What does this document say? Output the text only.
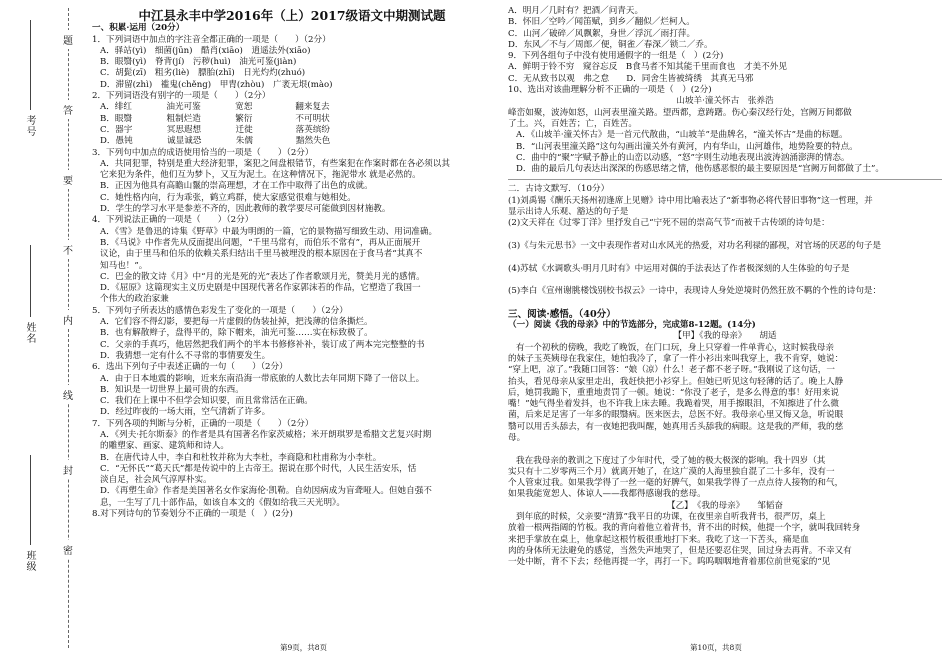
考号
姓名
班级
题
答
要
不
内
线
封
密

中江县永丰中学2016年（上）2017级语文中期测试题

一、积累·运用（20分）

1．下列词语中加点的字注音全都正确的一项是（　　）（2分）

A．驿站(yì)　细菌(jūn)　酷肖(xiāo)　逍遥法外(xiāo)

B．眼翳(yì)　脊背(jí)　污秽(huì)　油光可鉴(jiàn)

C．胡髭(zī)　粗劣(liè)　膘胎(zhī)　日光灼灼(zhuó)

D．滞留(zhì)　褴鬼(chěng)　甲胄(zhòu)　广袤无垠(mào)

2．下列词语没有别字的一项是（　　）（2分）

A．绯红　　　　油光可鉴　　　　宽恕　　　　　翻来复去

B．眼翳　　　　粗制烂造　　　　繁衍　　　　　不可明状

C．器宇　　　　冥思遐想　　　　迁徙　　　　　落英缤纷

D．愚钝　　　　诚显诚恐　　　　朱儒　　　　　黯然失色

3．下列句中加点的成语使用恰当的一项是（　　）（2分）

A．共同犯罪，特别是重大经济犯罪，案犯之间盘根错节，有些案犯在作案时都在各必须以其

它来犯为条件，他们互为梦卜，又互为泥土。在这种情况下，拖泥带水 就是必然的。

B．正因为他具有高瞻山鬣的崇高理想，才在工作中取得了出色的成就。

C．她性格内向，行为乖张，鹤立鸡群，使大家感觉很难与她相处。

D．学生的学习水平是参差不齐的，因此教师的教学要尽可能做到因材施教。

4．下列说法正确的一项是（　　）（2分）

A．《雪》是鲁迅的诗集《野草》中最为明朗的一篇，它的景物描写细致生动、用词准确。

B．《马说》中作者先从反面提出问题，“千里马常有，而伯乐不常有”，再从正面展开

议论，由于里马和伯乐的依赖关系归结出千里马被埋没的根本原因在于食马者“其真不

知马也！”。

C．巴金的散文诗《月》中“月的光是死的光”表达了作者歌颂月光，赞美月光的感情。

D．《屈原》这篇现实主义历史剧是中国现代著名作家郭沫若的作品，它塑造了我国一

个伟大的政治家兼

5．下列句子所表达的感情色彩发生了变化的一项是（　　）（2分）

A．它们容不得幻影，要把每一片虚假的伪装扯掉，把浅薄的信条撕烂。

B．也有解散辫子，盘得平的，除下帽来，油光可鉴……实在标致极了。

C．父亲的手真巧，他居然把我们两个的半本书修修补补，装订成了两本完完整整的书

D．我猜想一定有什么不寻常的事情要发生。

6．选出下列句子中表述正确的一句（　　）（2分）

A．由于日本地震的影响，近来东南沿海一带底旅的人数比去年同期下降了一倍以上。

B．知识是一切世界上最可贵的东西。

C．我们在上课中不但学会知识要，而且常常活在正确。

D．经过昨夜的一场大雨，空气清新了许多。

7．下列各项的判断与分析，正确的一项是（　　）（2分）

A．《列夫·托尔斯泰》的作者是具有国著名作家茨威格；米开朗琪罗是希腊文艺复兴时期

的雕塑家、画家、建筑师和诗人。

B．在唐代诗人中，李白和杜牧并称为大李杜，李商隐和杜甫称为小李杜。

C．“无怀氏”“葛天氏”都是传说中的上古帝王。据说在那个时代，人民生活安乐，恬

淡自足，社会风气淳厚朴实。

D．《再塑生命》作者是美国著名女作家海伦·凯勒。自幼因病成为盲聋哑人。但她自强不

息，一生写了几十部作品，如该自本文的《假如给我三天光明》。

8.对下列诗句的节奏划分不正确的一项是（　）(2分)

第9页，共8页

A．明月／几时有？把酒／问青天。

B．怀旧／空吟／闻笛赋，到乡／翻似／烂柯人。

C．山河／破碎／风飘絮，身世／浮沉／雨打萍。

D．东风／不与／周郎／便，铜雀／春深／锁二／乔。

9．下列各组句子中没有使用通假字的一组是（　）(2分)

A．鲜明于铃不穷　窥谷忘反　B食马者不知其能千里而食也　才美不外见

C．无从致书以观　弗之怠　　D．同舍生皆被绮绣　其真无马邪

10、选出对该曲理解分析不正确的一项是（　）(2分)

山坡羊·潼关怀古　张养浩

峰峦如聚，波涛如怒，山河表里潼关路。望西都，意踌躇。伤心秦汉经行处，宫阙万间都做

了土。兴，百姓苦；亡，百姓苦。

A．《山坡羊·潼关怀古》是一首元代散曲，“山坡羊”是曲牌名，“潼关怀古”是曲的标题。

B．“山河表里潼关路”这句勾画出潼关外有黄河，内有华山，山河雄伟，地势险要的特点。

C．曲中的“聚”字赋予静止的山峦以动感，“怒”字则生动地表现出波涛汹涌澎湃的情态。

D．曲的最后几句表达出深深的伤感思绪之情，他伤感恶恨的最主要原因是“宫阙万间都做了土”。

二．古诗文默写．（10分）

(1)刘禹锡《酬乐天扬州初逢席上见赠》诗中用比喻表达了“新事物必将代替旧事物”这一哲理，并

显示出诗人乐观、豁达的句子是

(2)文天祥在《过零丁洋》里抒发自己“宁死不屈的崇高气节”而被千古传颂的诗句是：

(3)《与朱元思书》一文中表现作者对山水风光的热爱，对功名利禄的鄙视，对官场的厌恶的句子是

(4)苏轼《水调歌头·明月几时有》中运用对偶的手法表达了作者极深刻的人生体验的句子是

(5)李白《宣州谢朓楼饯别校书叔云》一诗中，表现诗人身处逆境时仍然狂放不羁的个性的诗句是：

三、阅读·感悟。（40分）

（一）阅读《我的母亲》中的节选部分，完成第8-12题。(14分)

【甲】《我的母亲》　　胡适

有一个初秋的傍晚，我吃了晚饭，在门口玩，身上只穿着一件单背心，这时候我母亲

的妹子玉英姨母在我家住，她怕我冷了，拿了一件小衫出来叫我穿上，我不肯穿，她说：

“穿上吧，凉了。”我随口回答：“娘（凉）什么！老子都不老子呀。”我刚说了这句话，一

抬头，看见母亲从家里走出，我赶快把小衫穿上。但她已听见这句轻薄的话了。晚上人静

后，她罚我跪下，重重地责罚了一顿。她说：“你没了老子，是多么得意的事！好用来说

嘴！”她气得坐着发抖，也不许我上床去睡。我跪着哭，用手擦眼泪，不知擦进了什么微

菌，后来足足害了一年多的眼翳病。医来医去，总医不好。我母亲心里又悔又急，听说眼

翳可以用舌头舔去，有一夜她把我叫醒，她真用舌头舔我的病眼。这是我的严师，我的慈

母。

我在我母亲的教训之下度过了少年时代，受了她的极大极深的影响。我十四岁（其

实只有十二岁零两三个月）就离开她了，在这广漠的人海里独自混了二十多年，没有一

个人管束过我。如果我学得了一丝一毫的好脾气，如果我学得了一点点待人接物的和气，

如果我能宽恕人、体谅人——我都得感谢我的慈母。

【乙】　《我的母亲》　　邹韬奋

到年底的时候，父亲要“清算”我平日的功课，在夜里亲自听我背书，很严厉，桌上

放着一根两指阔的竹板。我的背向着他立着背书，背不出的时候，他提一个字，就叫我回转身

来把手掌放在桌上，他拿起这根竹板很重地打下来。我吃了这一下苦头，痛是血

肉的身体所无法避免的感觉，当然失声地哭了，但是还要忍住哭，回过身去再背。不幸又有

一处中断，背不下去；经他再提一字，再打一下。呜呜咽咽地背着那位前世冤家的“见

第10页，共8页
